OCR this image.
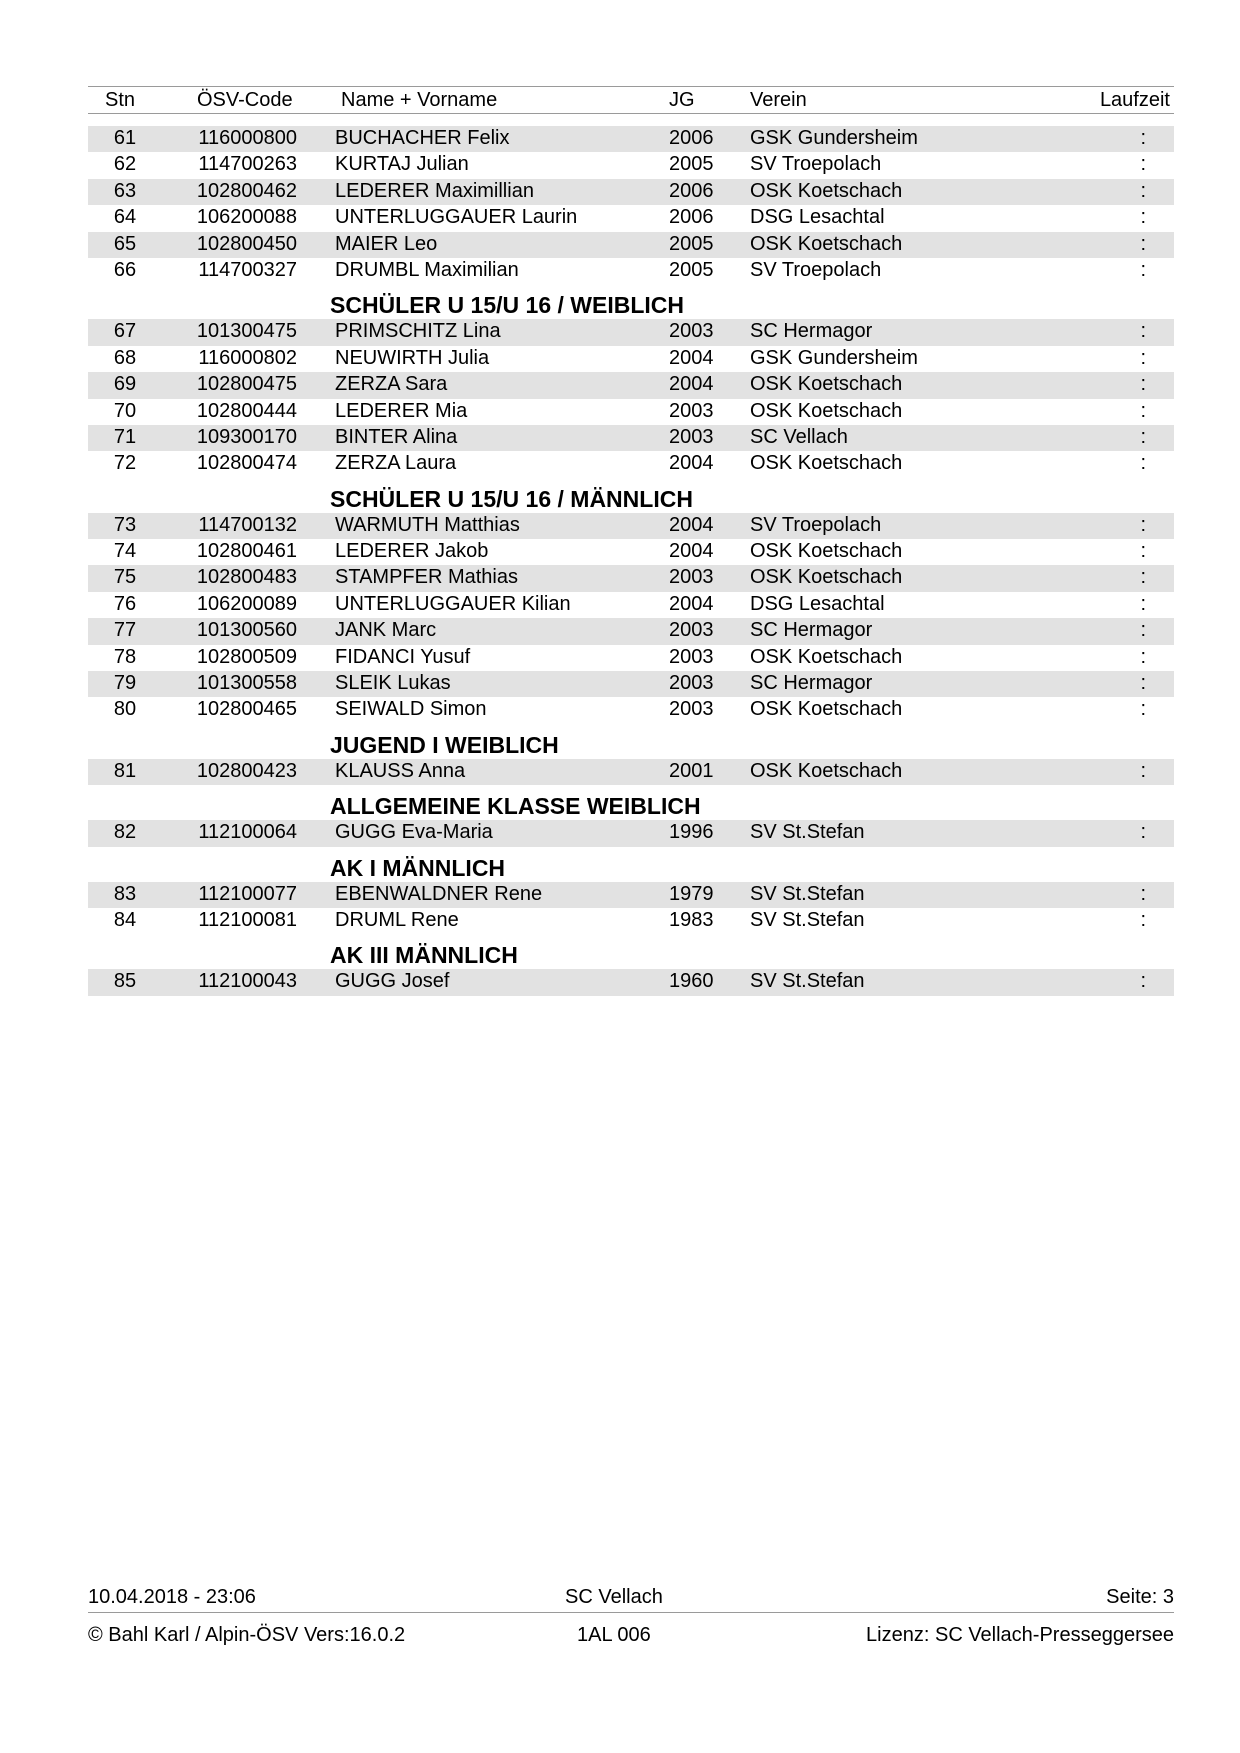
Stn	ÖSV-Code Name + Vorname	JG	Verein	Laufzeit
61	116000800 BUCHACHER Felix	2006 GSK Gundersheim	:
62	114700263 KURTAJ Julian	2005 SV Troepolach	:
63	102800462 LEDERER Maximillian	2006 OSK Koetschach	:
64	106200088 UNTERLUGGAUER Laurin	2006 DSG Lesachtal	:
65	102800450 MAIER Leo	2005 OSK Koetschach	:
66	114700327 DRUMBL Maximilian	2005 SV Troepolach	:
SCHÜLER U 15/U 16 / WEIBLICH
67	101300475 PRIMSCHITZ Lina	2003 SC Hermagor	:
68	116000802 NEUWIRTH Julia	2004 GSK Gundersheim	:
69	102800475 ZERZA Sara	2004 OSK Koetschach	:
70	102800444 LEDERER Mia	2003 OSK Koetschach	:
71	109300170 BINTER Alina	2003 SC Vellach	:
72	102800474 ZERZA Laura	2004 OSK Koetschach	:
SCHÜLER U 15/U 16 / MÄNNLICH
73	114700132 WARMUTH Matthias	2004 SV Troepolach	:
74	102800461 LEDERER Jakob	2004 OSK Koetschach	:
75	102800483 STAMPFER Mathias	2003 OSK Koetschach	:
76	106200089 UNTERLUGGAUER Kilian	2004 DSG Lesachtal	:
77	101300560 JANK Marc	2003 SC Hermagor	:
78	102800509 FIDANCI Yusuf	2003 OSK Koetschach	:
79	101300558 SLEIK Lukas	2003 SC Hermagor	:
80	102800465 SEIWALD Simon	2003 OSK Koetschach	:
JUGEND I WEIBLICH
81	102800423 KLAUSS Anna	2001 OSK Koetschach	:
ALLGEMEINE KLASSE WEIBLICH
82	112100064 GUGG Eva-Maria	1996 SV St.Stefan	:
AK I MÄNNLICH
83	112100077 EBENWALDNER Rene	1979 SV St.Stefan	:
84	112100081 DRUML Rene	1983 SV St.Stefan	:
AK III MÄNNLICH
85	112100043 GUGG Josef	1960 SV St.Stefan	:
10.04.2018 - 23:06	SC Vellach	Seite: 3
© Bahl Karl / Alpin-ÖSV Vers:16.0.2	1AL 006	Lizenz: SC Vellach-Presseggersee
